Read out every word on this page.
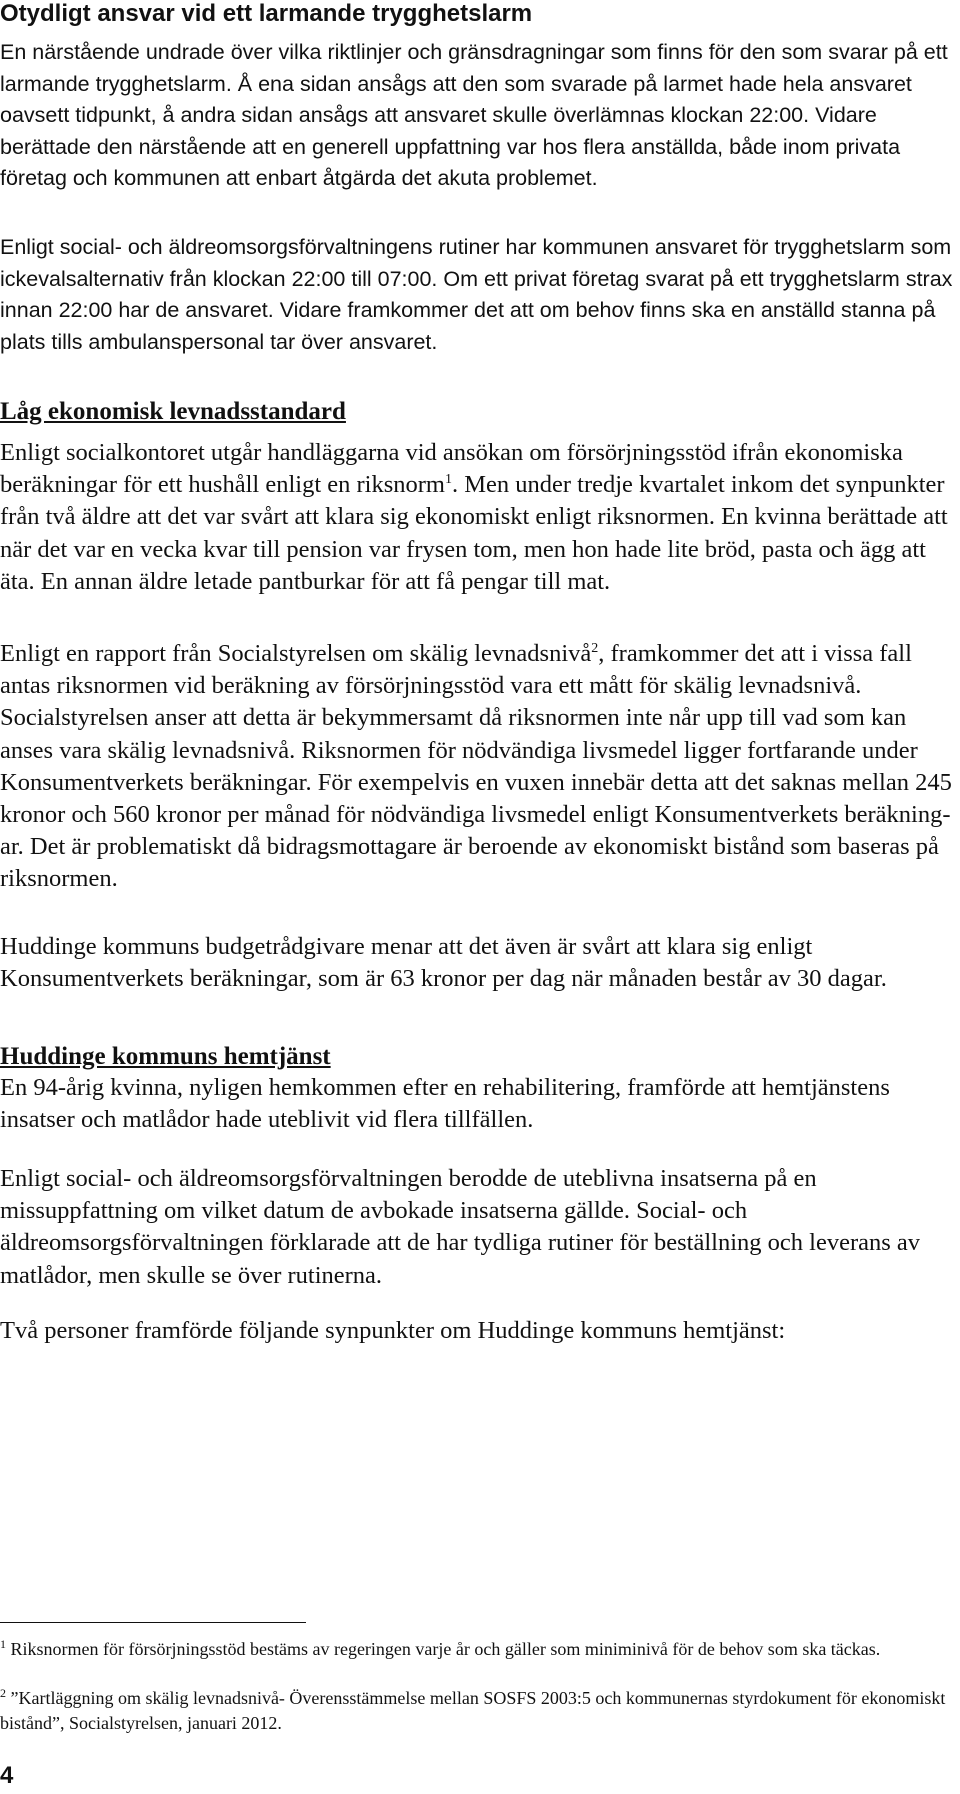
Otydligt ansvar vid ett larmande trygghetslarm

En närstående undrade över vilka riktlinjer och gränsdragningar som finns för den som svarar på ett larmande trygghetslarm. Å ena sidan ansågs att den som svarade på larmet hade hela ansvaret oavsett tidpunkt, å andra sidan ansågs att ansvaret skulle överlämnas klockan 22:00. Vidare berättade den närstående att en generell uppfattning var hos flera anställda, både inom privata företag och kommunen att enbart åtgärda det akuta problemet.

Enligt social- och äldreomsorgsförvaltningens rutiner har kommunen ansvaret för trygghetslarm som ickevalsalternativ från klockan 22:00 till 07:00. Om ett privat företag svarat på ett trygghetslarm strax innan 22:00 har de ansvaret. Vidare framkommer det att om behov finns ska en anställd stanna på plats tills ambulanspersonal tar över ansvaret.

Låg ekonomisk levnadsstandard

Enligt socialkontoret utgår handläggarna vid ansökan om försörjningsstöd ifrån ekonomiska beräkningar för ett hushåll enligt en riksnorm$^1$. Men under tredje kvartalet inkom det synpunkter från två äldre att det var svårt att klara sig ekonomiskt enligt riksnormen. En kvinna berättade att när det var en vecka kvar till pension var frysen tom, men hon hade lite bröd, pasta och ägg att äta. En annan äldre letade pantburkar för att få pengar till mat.

Enligt en rapport från Socialstyrelsen om skälig levnadsnivå$^2$, framkommer det att i vissa fall antas riksnormen vid beräkning av försörjningsstöd vara ett mått för skälig levnadsnivå. Socialstyrelsen anser att detta är bekymmersamt då riksnormen inte når upp till vad som kan anses vara skälig levnadsnivå. Riksnormen för nödvändiga livsmedel ligger fortfarande under Konsumentverkets beräkningar. För exempelvis en vuxen innebär detta att det saknas mellan 245 kronor och 560 kronor per månad för nödvändiga livsmedel enligt Konsumentverkets beräkningar. Det är problematiskt då bidragsmottagare är beroende av ekonomiskt bistånd som baseras på riksnormen.

Huddinge kommuns budgetrådgivare menar att det även är svårt att klara sig enligt Konsumentverkets beräkningar, som är 63 kronor per dag när månaden består av 30 dagar.

Huddinge kommuns hemtjänst

En 94-årig kvinna, nyligen hemkommen efter en rehabilitering, framförde att hemtjänstens insatser och matlådor hade uteblivit vid flera tillfällen.

Enligt social- och äldreomsorgsförvaltningen berodde de uteblivna insatserna på en missuppfattning om vilket datum de avbokade insatserna gällde. Social- och äldreomsorgsförvaltningen förklarade att de har tydliga rutiner för beställning och leverans av matlådor, men skulle se över rutinerna.

Två personer framförde följande synpunkter om Huddinge kommuns hemtjänst:

$^1$ Riksnormen för försörjningsstöd bestäms av regeringen varje år och gäller som miniminivå för de behov som ska täckas.

$^2$ ”Kartläggning om skälig levnadsnivå- Överensstämmelse mellan SOSFS 2003:5 och kommunernas styrdokument för ekonomiskt bistånd”, Socialstyrelsen, januari 2012.

4
